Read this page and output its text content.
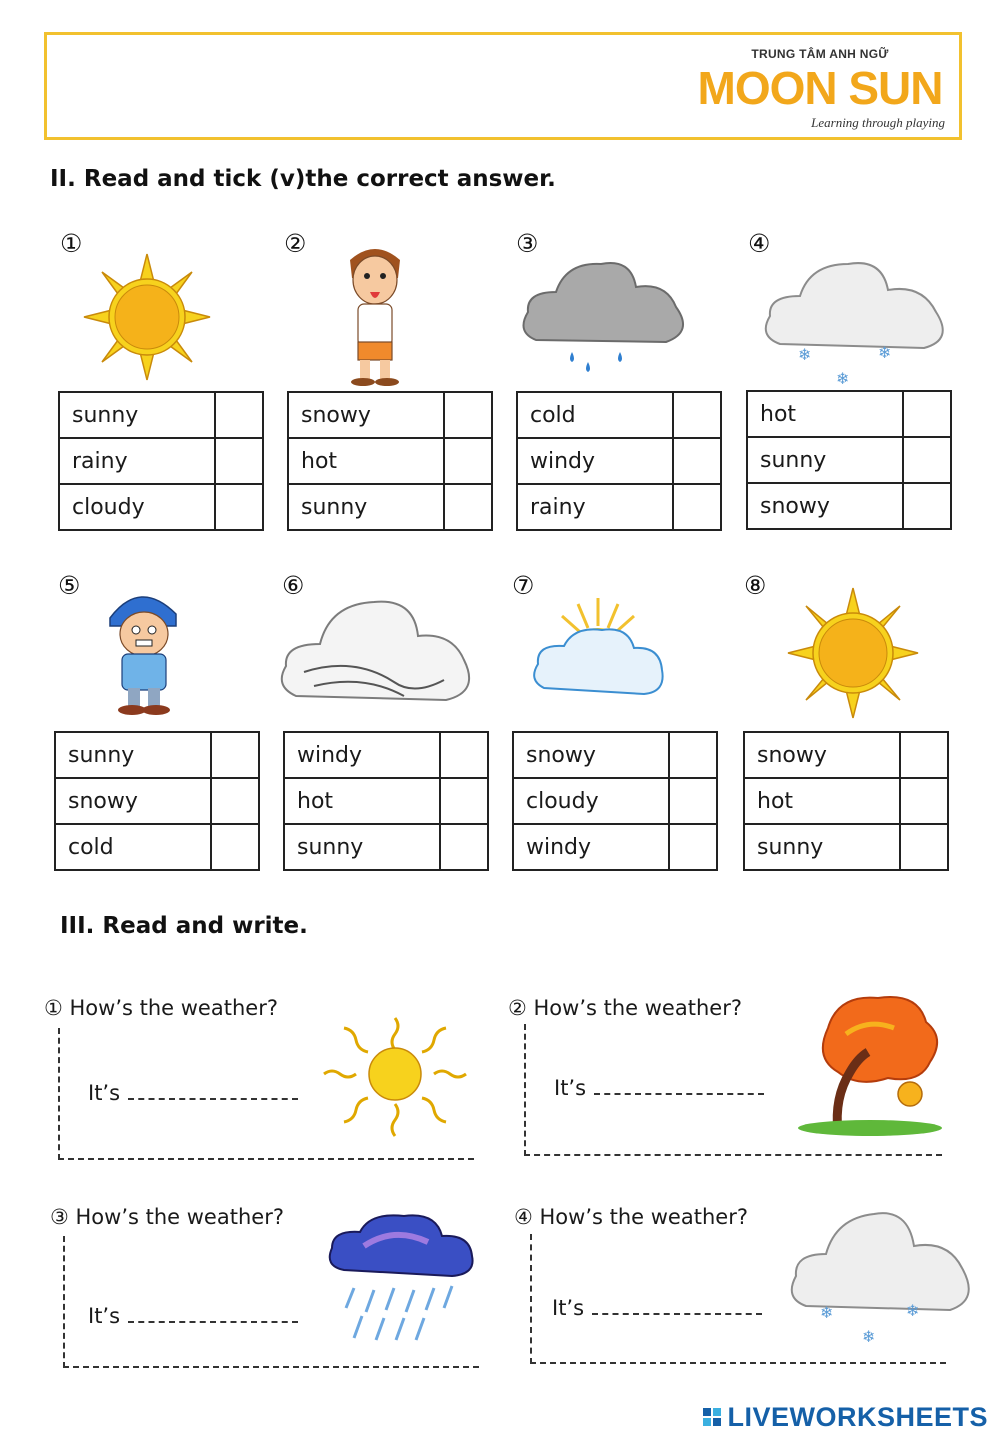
TRUNG TÂM ANH NGỮ
MOON SUN
Learning through playing
II. Read and tick (v)the correct answer.
①
sunny	
rainy	
cloudy	
②
snowy	
hot	
sunny	
③
cold	
windy	
rainy	
④
❄	❄
❄
hot	
sunny	
snowy	
⑤
sunny	
snowy	
cold	
⑥
windy	
hot	
sunny	
⑦
snowy	
cloudy	
windy	
⑧
snowy	
hot	
sunny	
III. Read and write.
① How’s the weather?
It’s
② How’s the weather?
It’s
③ How’s the weather?
It’s
④ How’s the weather?
It’s	❄	❄
❄
LIVEWORKSHEETS
